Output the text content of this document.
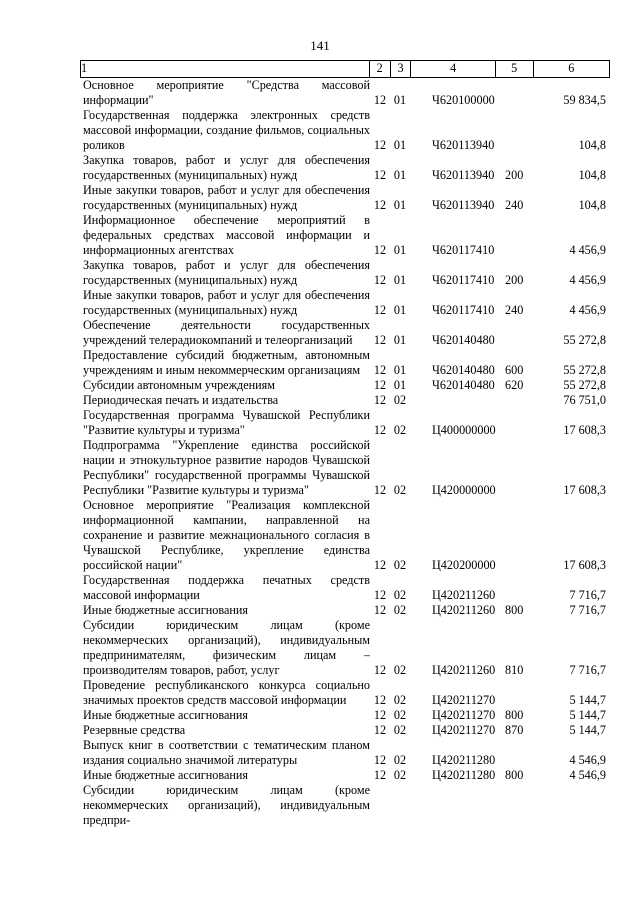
141
1	2	3	4	5	6
Основное мероприятие "Средства массовой информации"	12 01	Ч620100000	59 834,5
Государственная поддержка электронных средств массовой информации, создание фильмов, социальных роликов	12 01	Ч620113940	104,8
Закупка товаров, работ и услуг для обеспечения государственных (муниципальных) нужд	12 01	Ч620113940 200	104,8
Иные закупки товаров, работ и услуг для обеспечения государственных (муниципальных) нужд	12 01	Ч620113940 240	104,8
Информационное обеспечение мероприятий в федеральных средствах массовой информации и информационных агентствах	12 01	Ч620117410	4 456,9
Закупка товаров, работ и услуг для обеспечения государственных (муниципальных) нужд	12 01	Ч620117410 200	4 456,9
Иные закупки товаров, работ и услуг для обеспечения государственных (муниципальных) нужд	12 01	Ч620117410 240	4 456,9
Обеспечение деятельности государственных учреждений телерадиокомпаний и телеорганизаций	12 01	Ч620140480	55 272,8
Предоставление субсидий бюджетным, автономным учреждениям и иным некоммерческим организациям	12 01	Ч620140480 600	55 272,8
Субсидии автономным учреждениям	12 01	Ч620140480 620	55 272,8
Периодическая печать и издательства	12 02	76 751,0
Государственная программа Чувашской Республики "Развитие культуры и туризма"	12 02	Ц400000000	17 608,3
Подпрограмма "Укрепление единства российской нации и этнокультурное развитие народов Чувашской Республики" государственной программы Чувашской Республики "Развитие культуры и туризма"	12 02	Ц420000000	17 608,3
Основное мероприятие "Реализация комплексной информационной кампании, направленной на сохранение и развитие межнационального согласия в Чувашской Республике, укрепление единства российской нации"	12 02	Ц420200000	17 608,3
Государственная поддержка печатных средств массовой информации	12 02	Ц420211260	7 716,7
Иные бюджетные ассигнования	12 02	Ц420211260 800	7 716,7
Субсидии юридическим лицам (кроме некоммерческих организаций), индивидуальным предпринимателям, физическим лицам – производителям товаров, работ, услуг	12 02	Ц420211260 810	7 716,7
Проведение республиканского конкурса социально значимых проектов средств массовой информации	12 02	Ц420211270	5 144,7
Иные бюджетные ассигнования	12 02	Ц420211270 800	5 144,7
Резервные средства	12 02	Ц420211270 870	5 144,7
Выпуск книг в соответствии с тематическим планом издания социально значимой литературы	12 02	Ц420211280	4 546,9
Иные бюджетные ассигнования	12 02	Ц420211280 800	4 546,9
Субсидии юридическим лицам (кроме некоммерческих организаций), индивидуальным предпри-
